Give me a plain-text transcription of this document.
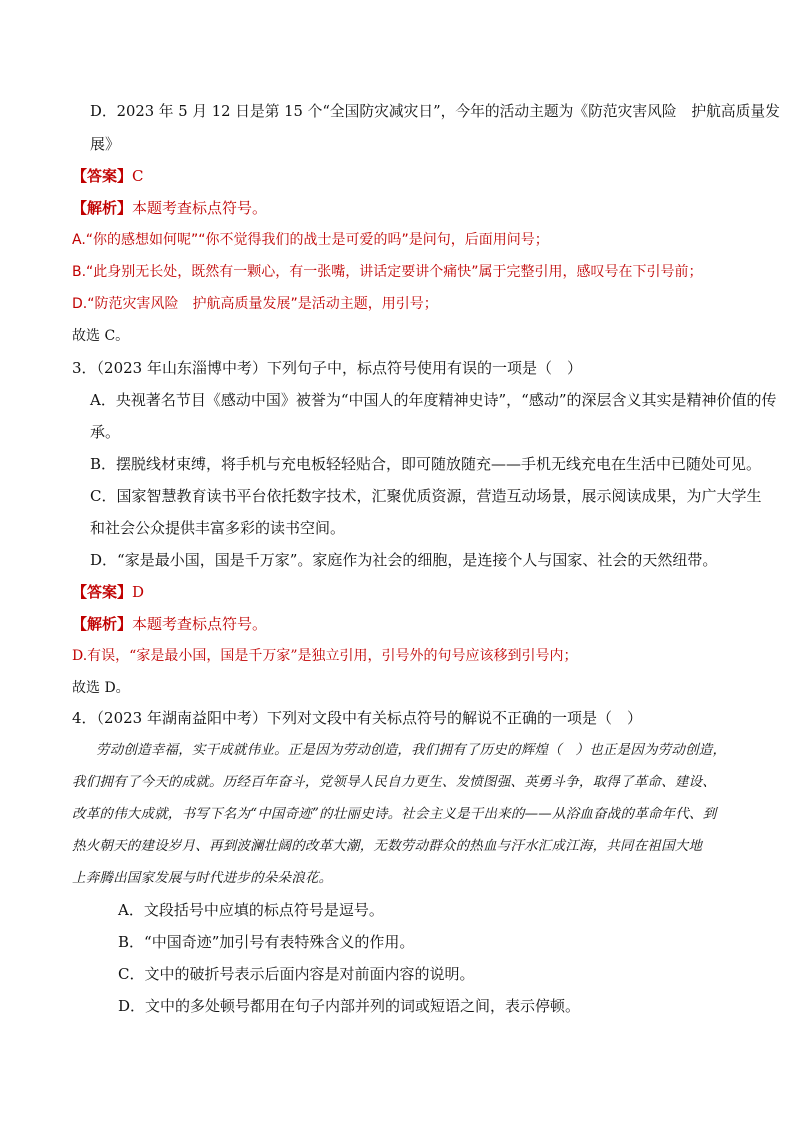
D．2023 年 5 月 12 日是第 15 个“全国防灾减灾日”，今年的活动主题为《防范灾害风险　护航高质量发
展》
【答案】C
【解析】本题考查标点符号。
A.“你的感想如何呢”“你不觉得我们的战士是可爱的吗”是问句，后面用问号；
B.“此身别无长处，既然有一颗心，有一张嘴，讲话定要讲个痛快”属于完整引用，感叹号在下引号前；
D.“防范灾害风险　护航高质量发展”是活动主题，用引号；
故选 C。
3．（2023 年山东淄博中考）下列句子中，标点符号使用有误的一项是（　）
A．央视著名节目《感动中国》被誉为“中国人的年度精神史诗”，“感动”的深层含义其实是精神价值的传
承。
B．摆脱线材束缚，将手机与充电板轻轻贴合，即可随放随充——手机无线充电在生活中已随处可见。
C．国家智慧教育读书平台依托数字技术，汇聚优质资源，营造互动场景，展示阅读成果，为广大学生
和社会公众提供丰富多彩的读书空间。
D．“家是最小国，国是千万家”。家庭作为社会的细胞，是连接个人与国家、社会的天然纽带。
【答案】D
【解析】本题考查标点符号。
D.有误，“家是最小国，国是千万家”是独立引用，引号外的句号应该移到引号内；
故选 D。
4．（2023 年湖南益阳中考）下列对文段中有关标点符号的解说不正确的一项是（　）
劳动创造幸福，实干成就伟业。正是因为劳动创造，我们拥有了历史的辉煌（　）也正是因为劳动创造，
我们拥有了今天的成就。历经百年奋斗，党领导人民自力更生、发愤图强、英勇斗争，取得了革命、建设、
改革的伟大成就，书写下名为“中国奇迹”的壮丽史诗。社会主义是干出来的——从浴血奋战的革命年代、到
热火朝天的建设岁月、再到波澜壮阔的改革大潮，无数劳动群众的热血与汗水汇成江海，共同在祖国大地
上奔腾出国家发展与时代进步的朵朵浪花。
A．文段括号中应填的标点符号是逗号。
B．“中国奇迹”加引号有表特殊含义的作用。
C．文中的破折号表示后面内容是对前面内容的说明。
D．文中的多处顿号都用在句子内部并列的词或短语之间，表示停顿。
